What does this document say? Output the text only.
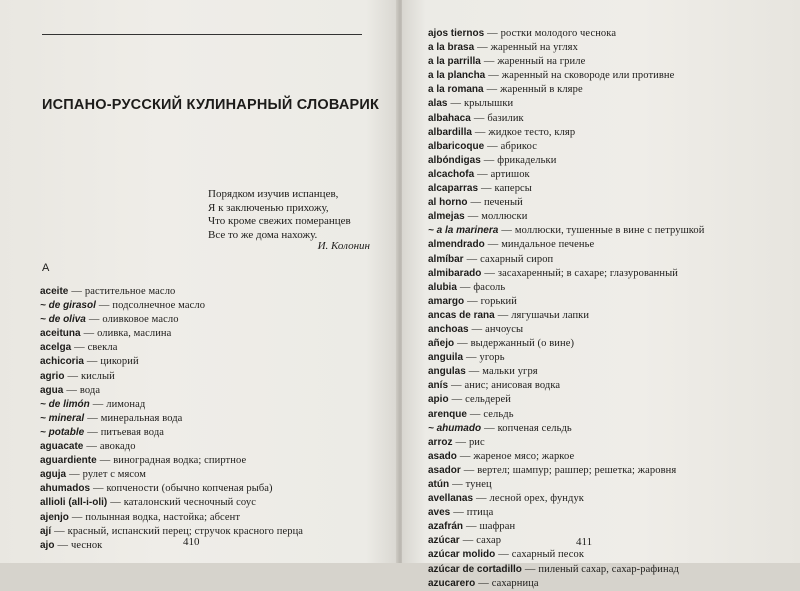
ИСПАНО-РУССКИЙ КУЛИНАРНЫЙ СЛОВАРИК
Порядком изучив испанцев,
Я к заключенью прихожу,
Что кроме свежих померанцев
Все то же дома нахожу.
И. Колонин
А
aceite — растительное масло
~ de girasol — подсолнечное масло
~ de oliva — оливковое масло
aceituna — оливка, маслина
acelga — свекла
achicoria — цикорий
agrio — кислый
agua — вода
~ de limón — лимонад
~ mineral — минеральная вода
~ potable — питьевая вода
aguacate — авокадо
aguardiente — виноградная водка; спиртное
aguja — рулет с мясом
ahumados — копчености (обычно копченая рыба)
allioli (all-i-oli) — каталонский чесночный соус
ajenjo — полынная водка, настойка; абсент
ají — красный, испанский перец; стручок красного перца
ajo — чеснок	410
ajos tiernos — ростки молодого чеснока
a la brasa — жаренный на углях
a la parrilla — жаренный на гриле
a la plancha — жаренный на сковороде или противне
a la romana — жаренный в кляре
alas — крылышки
albahaca — базилик
albardilla — жидкое тесто, кляр
albaricoque — абрикос
albóndigas — фрикадельки
alcachofa — артишок
alcaparras — каперсы
al horno — печеный
almejas — моллюски
~ a la marinera — моллюски, тушенные в вине с петрушкой
almendrado — миндальное печенье
almíbar — сахарный сироп
almibarado — засахаренный; в сахаре; глазурованный
alubia — фасоль
amargo — горький
ancas de rana — лягушачьи лапки
anchoas — анчоусы
añejo — выдержанный (о вине)
anguila — угорь
angulas — мальки угря
anís — анис; анисовая водка
apio — сельдерей
arenque — сельдь
~ ahumado — копченая сельдь
arroz — рис
asado — жареное мясо; жаркое
asador — вертел; шампур; рашпер; решетка; жаровня
atún — тунец
avellanas — лесной орех, фундук
aves — птица
azafrán — шафран
azúcar — сахар
azúcar molido — сахарный песок
azúcar de cortadillo — пиленый сахар, сахар-рафинад
azucarero — сахарница
411
